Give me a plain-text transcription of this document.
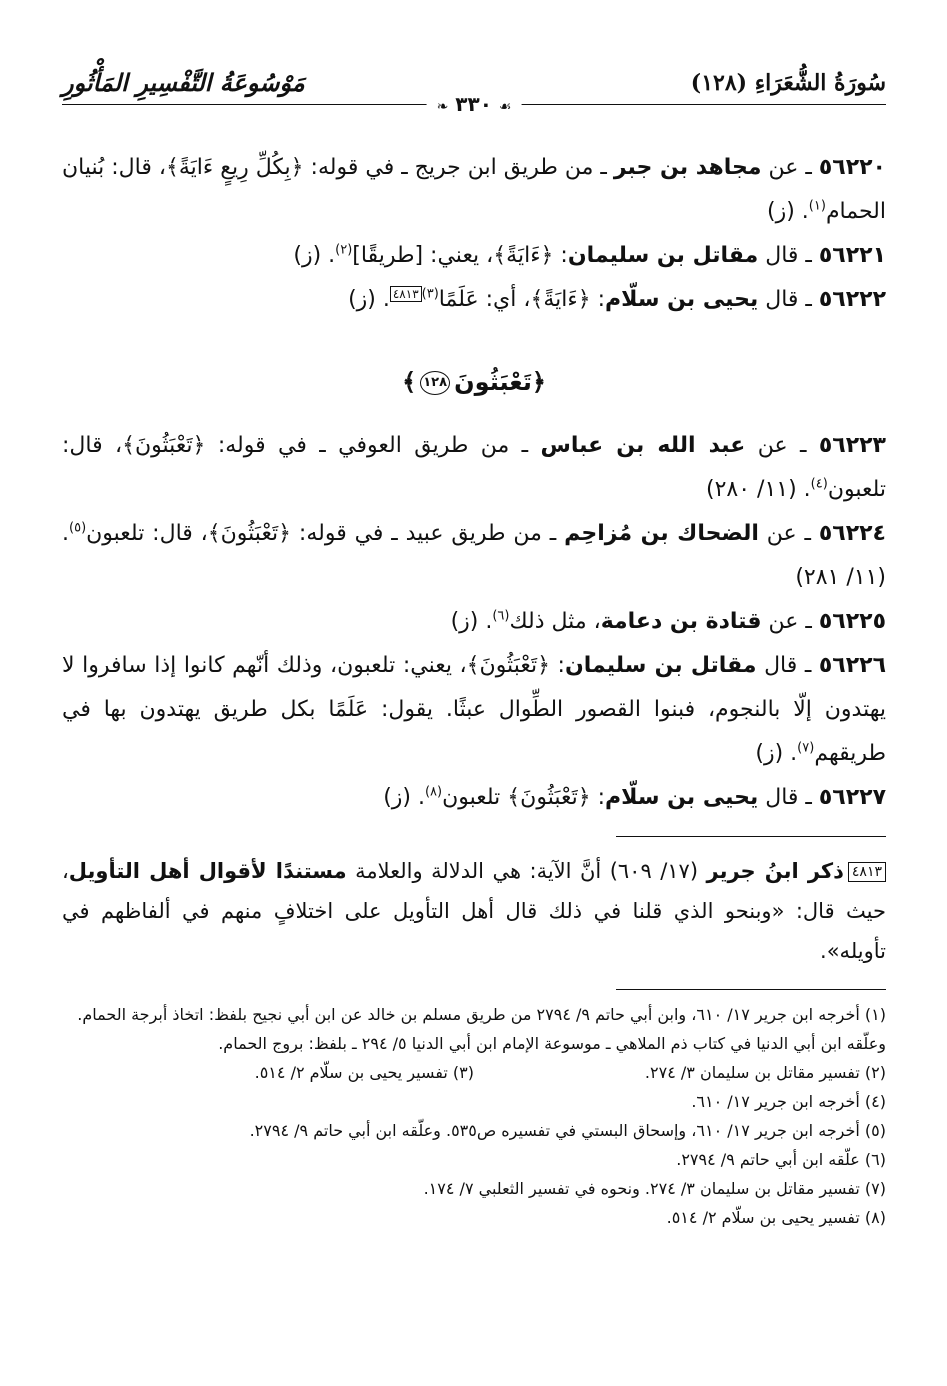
سُورَةُ الشُّعَرَاءِ (١٢٨)
مَوْسُوعَةُ التَّفْسِيرِ المَأْثُورِ
☙ ٣٣٠ ❧

٥٦٢٢٠ ـ عن مجاهد بن جبر ـ من طريق ابن جريج ـ في قوله: ﴿بِكُلِّ رِيعٍ ءَايَةً﴾، قال: بُنيان الحمام$^{(١)}$. (ز)

٥٦٢٢١ ـ قال مقاتل بن سليمان: ﴿ءَايَةً﴾، يعني: [طريقًا]$^{(٢)}$. (ز)

٥٦٢٢٢ ـ قال يحيى بن سلّام: ﴿ءَايَةً﴾، أي: عَلَمًا$^{(٣)}$٤٨١٣. (ز)

﴿تَعْبَثُونَ١٢٨﴾

٥٦٢٢٣ ـ عن عبد الله بن عباس ـ من طريق العوفي ـ في قوله: ﴿تَعْبَثُونَ﴾، قال: تلعبون$^{(٤)}$. (١١/ ٢٨٠)

٥٦٢٢٤ ـ عن الضحاك بن مُزاحِم ـ من طريق عبيد ـ في قوله: ﴿تَعْبَثُونَ﴾، قال: تلعبون$^{(٥)}$. (١١/ ٢٨١)

٥٦٢٢٥ ـ عن قتادة بن دعامة، مثل ذلك$^{(٦)}$. (ز)

٥٦٢٢٦ ـ قال مقاتل بن سليمان: ﴿تَعْبَثُونَ﴾، يعني: تلعبون، وذلك أنّهم كانوا إذا سافروا لا يهتدون إلّا بالنجوم، فبنوا القصور الطِّوال عبثًا. يقول: عَلَمًا بكل طريق يهتدون بها في طريقهم$^{(٧)}$. (ز)

٥٦٢٢٧ ـ قال يحيى بن سلّام: ﴿تَعْبَثُونَ﴾ تلعبون$^{(٨)}$. (ز)

٤٨١٣ذكر ابنُ جرير (١٧/ ٦٠٩) أنَّ الآية: هي الدلالة والعلامة مستندًا لأقوال أهل التأويل، حيث قال: «وبنحو الذي قلنا في ذلك قال أهل التأويل على اختلافٍ منهم في ألفاظهم في تأويله».

(١) أخرجه ابن جرير ١٧/ ٦١٠، وابن أبي حاتم ٩/ ٢٧٩٤ من طريق مسلم بن خالد عن ابن أبي نجيح بلفظ: اتخاذ أبرجة الحمام. وعلّقه ابن أبي الدنيا في كتاب ذم الملاهي ـ موسوعة الإمام ابن أبي الدنيا ٥/ ٢٩٤ ـ بلفظ: بروج الحمام.

(٢) تفسير مقاتل بن سليمان ٣/ ٢٧٤.

(٣) تفسير يحيى بن سلّام ٢/ ٥١٤.

(٤) أخرجه ابن جرير ١٧/ ٦١٠.

(٥) أخرجه ابن جرير ١٧/ ٦١٠، وإسحاق البستي في تفسيره ص٥٣٥. وعلّقه ابن أبي حاتم ٩/ ٢٧٩٤.

(٦) علّقه ابن أبي حاتم ٩/ ٢٧٩٤.

(٧) تفسير مقاتل بن سليمان ٣/ ٢٧٤. ونحوه في تفسير الثعلبي ٧/ ١٧٤.

(٨) تفسير يحيى بن سلّام ٢/ ٥١٤.
